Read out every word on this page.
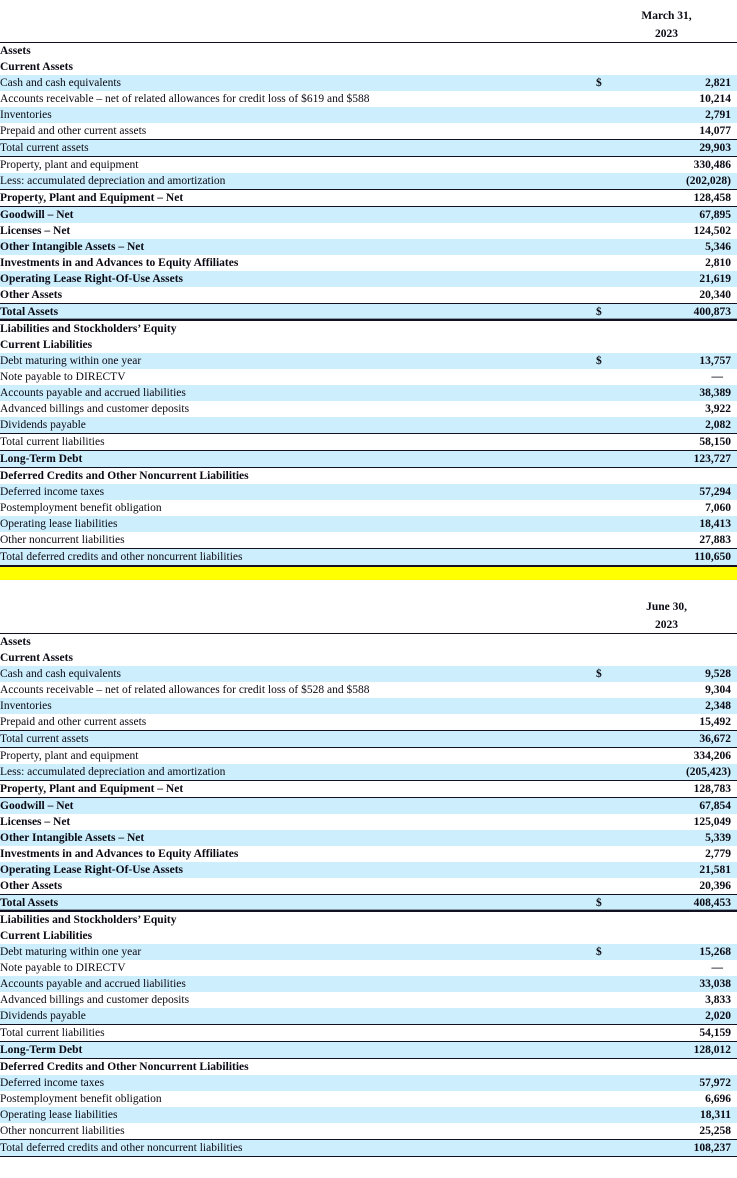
	March 31,		
	2023		
Assets			
Current Assets			
Cash and cash equivalents	$	2,821	
Accounts receivable – net of related allowances for credit loss of $619 and $588		10,214	
Inventories		2,791	
Prepaid and other current assets		14,077	
Total current assets		29,903	
Property, plant and equipment		330,486	
Less: accumulated depreciation and amortization		(202,028)	
Property, Plant and Equipment – Net		128,458	
Goodwill – Net		67,895	
Licenses – Net		124,502	
Other Intangible Assets – Net		5,346	
Investments in and Advances to Equity Affiliates		2,810	
Operating Lease Right-Of-Use Assets		21,619	
Other Assets		20,340	
Total Assets	$	400,873	
Liabilities and Stockholders’ Equity			
Current Liabilities			
Debt maturing within one year	$	13,757	
Note payable to DIRECTV		—	
Accounts payable and accrued liabilities		38,389	
Advanced billings and customer deposits		3,922	
Dividends payable		2,082	
Total current liabilities		58,150	
Long-Term Debt		123,727	
Deferred Credits and Other Noncurrent Liabilities			
Deferred income taxes		57,294	
Postemployment benefit obligation		7,060	
Operating lease liabilities		18,413	
Other noncurrent liabilities		27,883	
Total deferred credits and other noncurrent liabilities		110,650	
	June 30,		
	2023		
Assets			
Current Assets			
Cash and cash equivalents	$	9,528	
Accounts receivable – net of related allowances for credit loss of $528 and $588		9,304	
Inventories		2,348	
Prepaid and other current assets		15,492	
Total current assets		36,672	
Property, plant and equipment		334,206	
Less: accumulated depreciation and amortization		(205,423)	
Property, Plant and Equipment – Net		128,783	
Goodwill – Net		67,854	
Licenses – Net		125,049	
Other Intangible Assets – Net		5,339	
Investments in and Advances to Equity Affiliates		2,779	
Operating Lease Right-Of-Use Assets		21,581	
Other Assets		20,396	
Total Assets	$	408,453	
Liabilities and Stockholders’ Equity			
Current Liabilities			
Debt maturing within one year	$	15,268	
Note payable to DIRECTV		—	
Accounts payable and accrued liabilities		33,038	
Advanced billings and customer deposits		3,833	
Dividends payable		2,020	
Total current liabilities		54,159	
Long-Term Debt		128,012	
Deferred Credits and Other Noncurrent Liabilities			
Deferred income taxes		57,972	
Postemployment benefit obligation		6,696	
Operating lease liabilities		18,311	
Other noncurrent liabilities		25,258	
Total deferred credits and other noncurrent liabilities		108,237	
